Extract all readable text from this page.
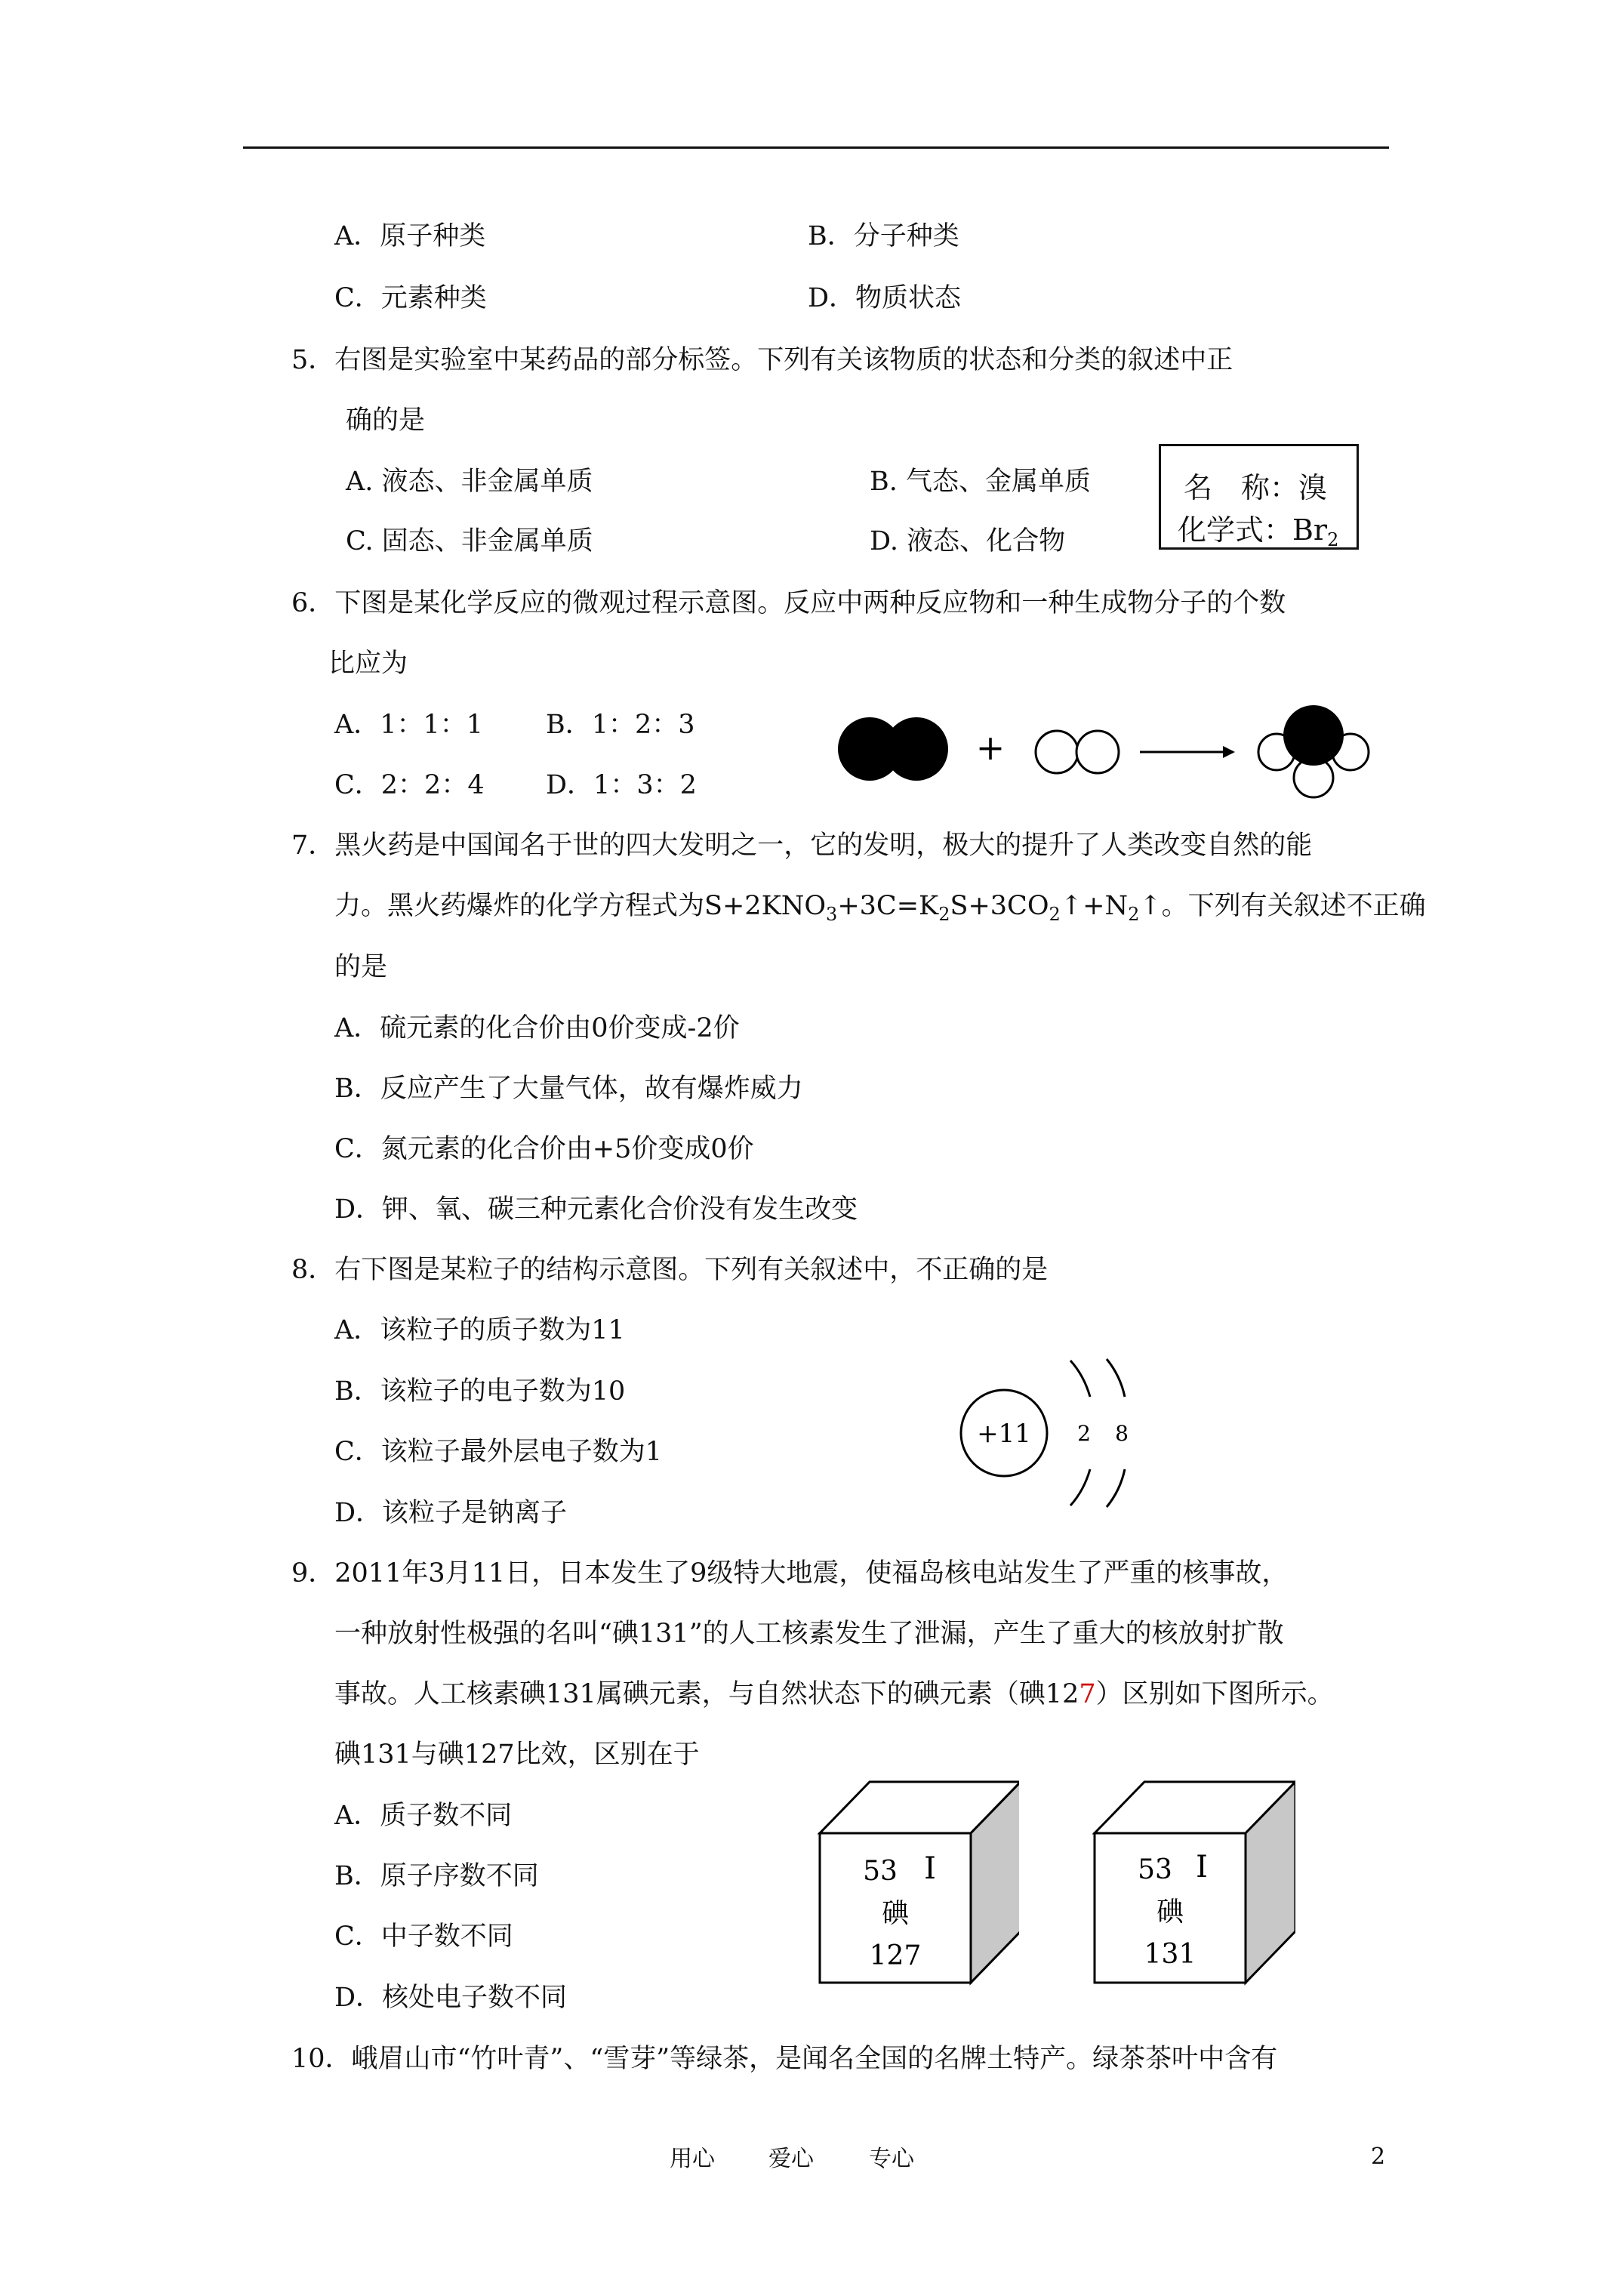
A．原子种类	B．分子种类
C．元素种类	D．物质状态
5．右图是实验室中某药品的部分标签。下列有关该物质的状态和分类的叙述中正
确的是
A. 液态、非金属单质	B. 气态、金属单质
C. 固态、非金属单质	D. 液态、化合物
名　称：溴
化学式：$Br_2$
6．下图是某化学反应的微观过程示意图。反应中两种反应物和一种生成物分子的个数
比应为
A．1：1：1 B．1：2：3
C．2：2：4 D．1：3：2
+
7．黑火药是中国闻名于世的四大发明之一，它的发明，极大的提升了人类改变自然的能
力。黑火药爆炸的化学方程式为$S+2KNO_3+3C=K_2S+3CO_2↑+N_2↑$。下列有关叙述不正确
的是
A．硫元素的化合价由0价变成-2价
B．反应产生了大量气体，故有爆炸威力
C．氮元素的化合价由+5价变成0价
D．钾、氧、碳三种元素化合价没有发生改变
8．右下图是某粒子的结构示意图。下列有关叙述中，不正确的是
A．该粒子的质子数为11
B．该粒子的电子数为10
C．该粒子最外层电子数为1
D．该粒子是钠离子
+11 2 8
9．2011年3月11日，日本发生了9级特大地震，使福岛核电站发生了严重的核事故，
一种放射性极强的名叫“碘131”的人工核素发生了泄漏，产生了重大的核放射扩散
事故。人工核素碘131属碘元素，与自然状态下的碘元素（碘127）区别如下图所示。
碘131与碘127比效，区别在于
A．质子数不同
B．原子序数不同
C．中子数不同
D．核处电子数不同
53 I
碘
127
53 I
碘
131
10．峨眉山市“竹叶青”、“雪芽”等绿茶，是闻名全国的名牌土特产。绿茶茶叶中含有
用心 爱心 专心	2
